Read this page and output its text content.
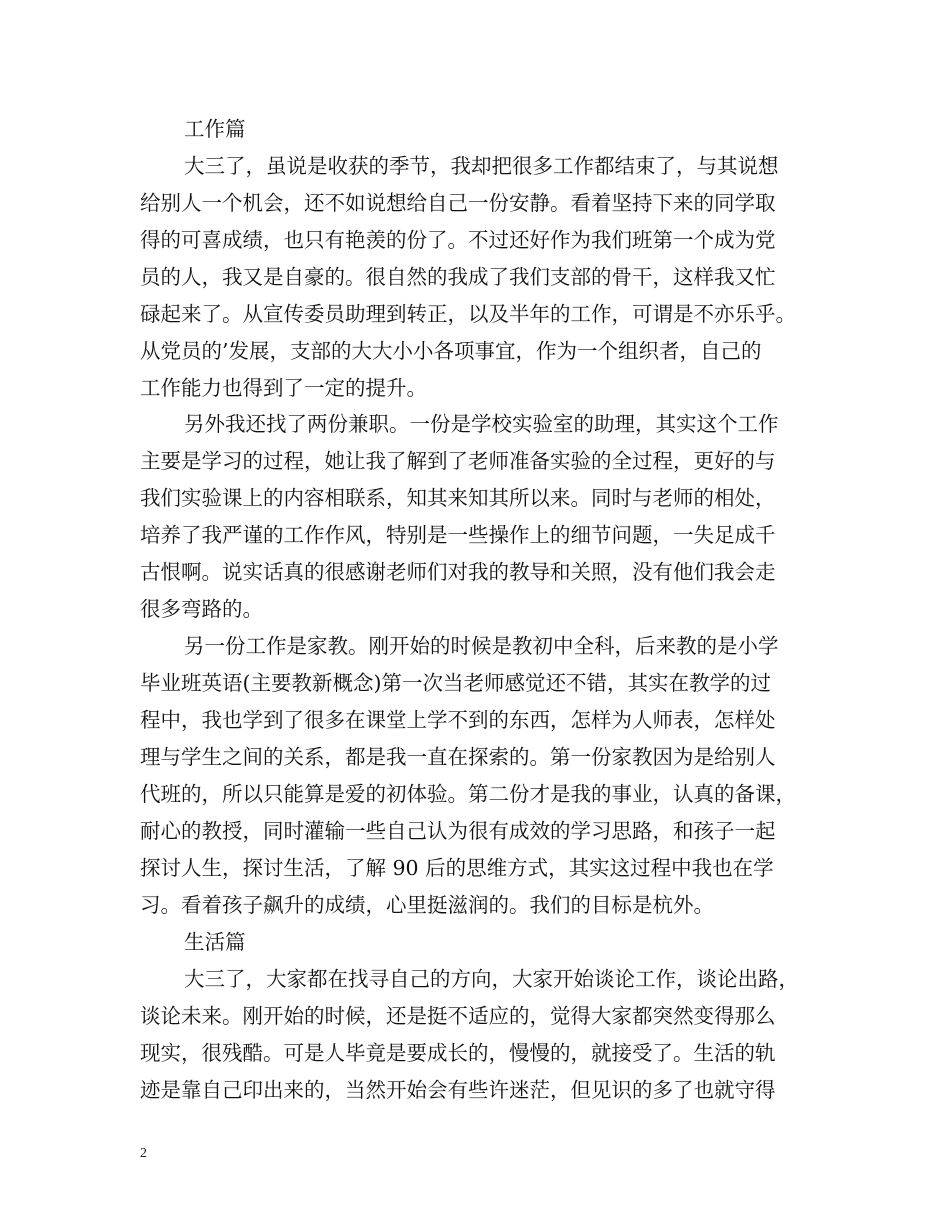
工作篇
大三了，虽说是收获的季节，我却把很多工作都结束了，与其说想
给别人一个机会，还不如说想给自己一份安静。看着坚持下来的同学取
得的可喜成绩，也只有艳羡的份了。不过还好作为我们班第一个成为党
员的人，我又是自豪的。很自然的我成了我们支部的骨干，这样我又忙
碌起来了。从宣传委员助理到转正，以及半年的工作，可谓是不亦乐乎。
从党员的’发展，支部的大大小小各项事宜，作为一个组织者，自己的
工作能力也得到了一定的提升。
另外我还找了两份兼职。一份是学校实验室的助理，其实这个工作
主要是学习的过程，她让我了解到了老师准备实验的全过程，更好的与
我们实验课上的内容相联系，知其来知其所以来。同时与老师的相处，
培养了我严谨的工作作风，特别是一些操作上的细节问题，一失足成千
古恨啊。说实话真的很感谢老师们对我的教导和关照，没有他们我会走
很多弯路的。
另一份工作是家教。刚开始的时候是教初中全科，后来教的是小学
毕业班英语(主要教新概念)第一次当老师感觉还不错，其实在教学的过
程中，我也学到了很多在课堂上学不到的东西，怎样为人师表，怎样处
理与学生之间的关系，都是我一直在探索的。第一份家教因为是给别人
代班的，所以只能算是爱的初体验。第二份才是我的事业，认真的备课，
耐心的教授，同时灌输一些自己认为很有成效的学习思路，和孩子一起
探讨人生，探讨生活，了解 90 后的思维方式，其实这过程中我也在学
习。看着孩子飙升的成绩，心里挺滋润的。我们的目标是杭外。
生活篇
大三了，大家都在找寻自己的方向，大家开始谈论工作，谈论出路，
谈论未来。刚开始的时候，还是挺不适应的，觉得大家都突然变得那么
现实，很残酷。可是人毕竟是要成长的，慢慢的，就接受了。生活的轨
迹是靠自己印出来的，当然开始会有些许迷茫，但见识的多了也就守得
2
